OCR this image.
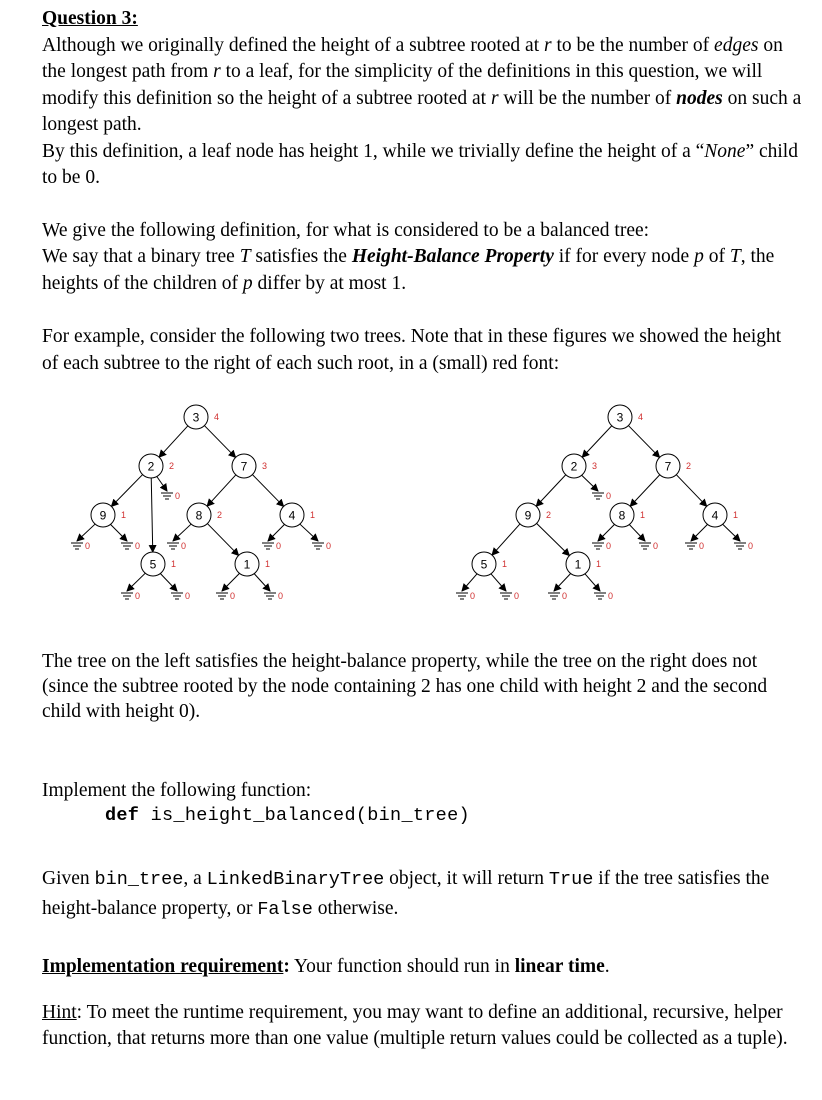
Question 3:

Although we originally defined the height of a subtree rooted at r to be the number of edges on the longest path from r to a leaf, for the simplicity of the definitions in this question, we will modify this definition so the height of a subtree rooted at r will be the number of nodes on such a longest path.

By this definition, a leaf node has height 1, while we trivially define the height of a “None” child to be 0.

We give the following definition, for what is considered to be a balanced tree:

We say that a binary tree T satisfies the Height-Balance Property if for every node p of T, the heights of the children of p differ by at most 1.

For example, consider the following two trees. Note that in these figures we showed the height of each subtree to the right of each such root, in a (small) red font:

The tree on the left satisfies the height-balance property, while the tree on the right does not (since the subtree rooted by the node containing 2 has one child with height 2 and the second child with height 0).

Implement the following function:

def is_height_balanced(bin_tree)

Given bin_tree, a LinkedBinaryTree object, it will return True if the tree satisfies the height-balance property, or False otherwise.

Implementation requirement: Your function should run in linear time.

Hint: To meet the runtime requirement, you may want to define an additional, recursive, helper function, that returns more than one value (multiple return values could be collected as a tuple).

0
0	0
0	0
0
0	0
0	0
3 4
2 2	7 3
9 1
5 1
8 2
1 1
4 1
0
0	0	0	0
0	0	0	0
3 4
2 3	7 2
9 2	8 1	4 1
5 1	1 1
